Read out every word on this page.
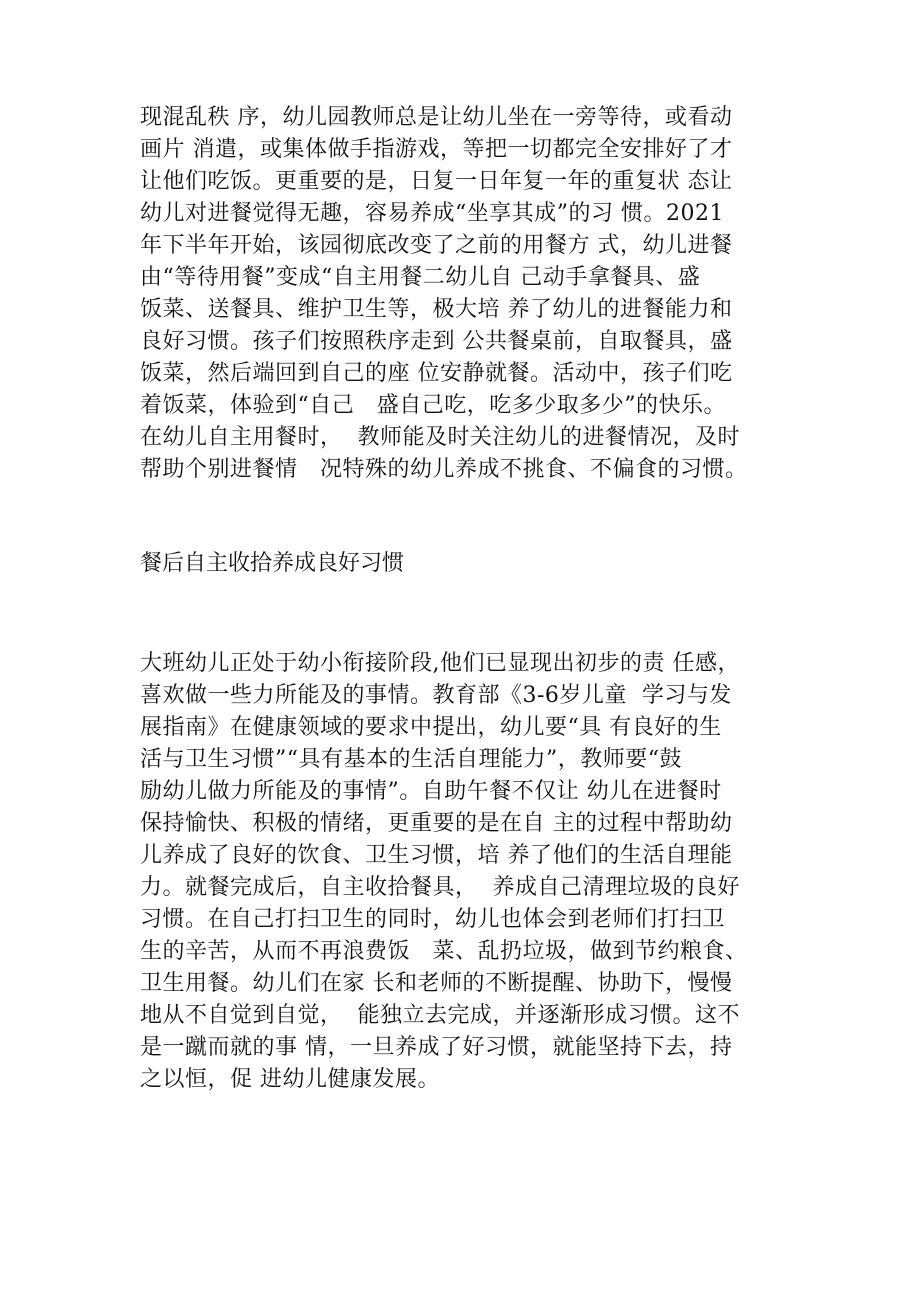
现混乱秩 序，幼儿园教师总是让幼儿坐在一旁等待，或看动
画片 消遣，或集体做手指游戏，等把一切都完全安排好了才
让他们吃饭。更重要的是，日复一日年复一年的重复状 态让
幼儿对进餐觉得无趣，容易养成“坐享其成”的习 惯。2021
年下半年开始，该园彻底改变了之前的用餐方 式，幼儿进餐
由“等待用餐”变成“自主用餐二幼儿自 己动手拿餐具、盛
饭菜、送餐具、维护卫生等，极大培 养了幼儿的进餐能力和
良好习惯。孩子们按照秩序走到 公共餐桌前，自取餐具，盛
饭菜，然后端回到自己的座 位安静就餐。活动中，孩子们吃
着饭菜，体验到“自己   盛自己吃，吃多少取多少”的快乐。
在幼儿自主用餐时，  教师能及时关注幼儿的进餐情况，及时
帮助个别进餐情   况特殊的幼儿养成不挑食、不偏食的习惯。
餐后自主收拾养成良好习惯
大班幼儿正处于幼小衔接阶段,他们已显现出初步的责 任感，
喜欢做一些力所能及的事情。教育部《3-6岁儿童  学习与发
展指南》在健康领域的要求中提出，幼儿要“具 有良好的生
活与卫生习惯”“具有基本的生活自理能力”，教师要“鼓
励幼儿做力所能及的事情”。自助午餐不仅让 幼儿在进餐时
保持愉快、积极的情绪，更重要的是在自 主的过程中帮助幼
儿养成了良好的饮食、卫生习惯，培 养了他们的生活自理能
力。就餐完成后，自主收拾餐具，  养成自己清理垃圾的良好
习惯。在自己打扫卫生的同时，幼儿也体会到老师们打扫卫
生的辛苦，从而不再浪费饭   菜、乱扔垃圾，做到节约粮食、
卫生用餐。幼儿们在家 长和老师的不断提醒、协助下，慢慢
地从不自觉到自觉，  能独立去完成，并逐渐形成习惯。这不
是一蹴而就的事 情，一旦养成了好习惯，就能坚持下去，持
之以恒，促 进幼儿健康发展。
